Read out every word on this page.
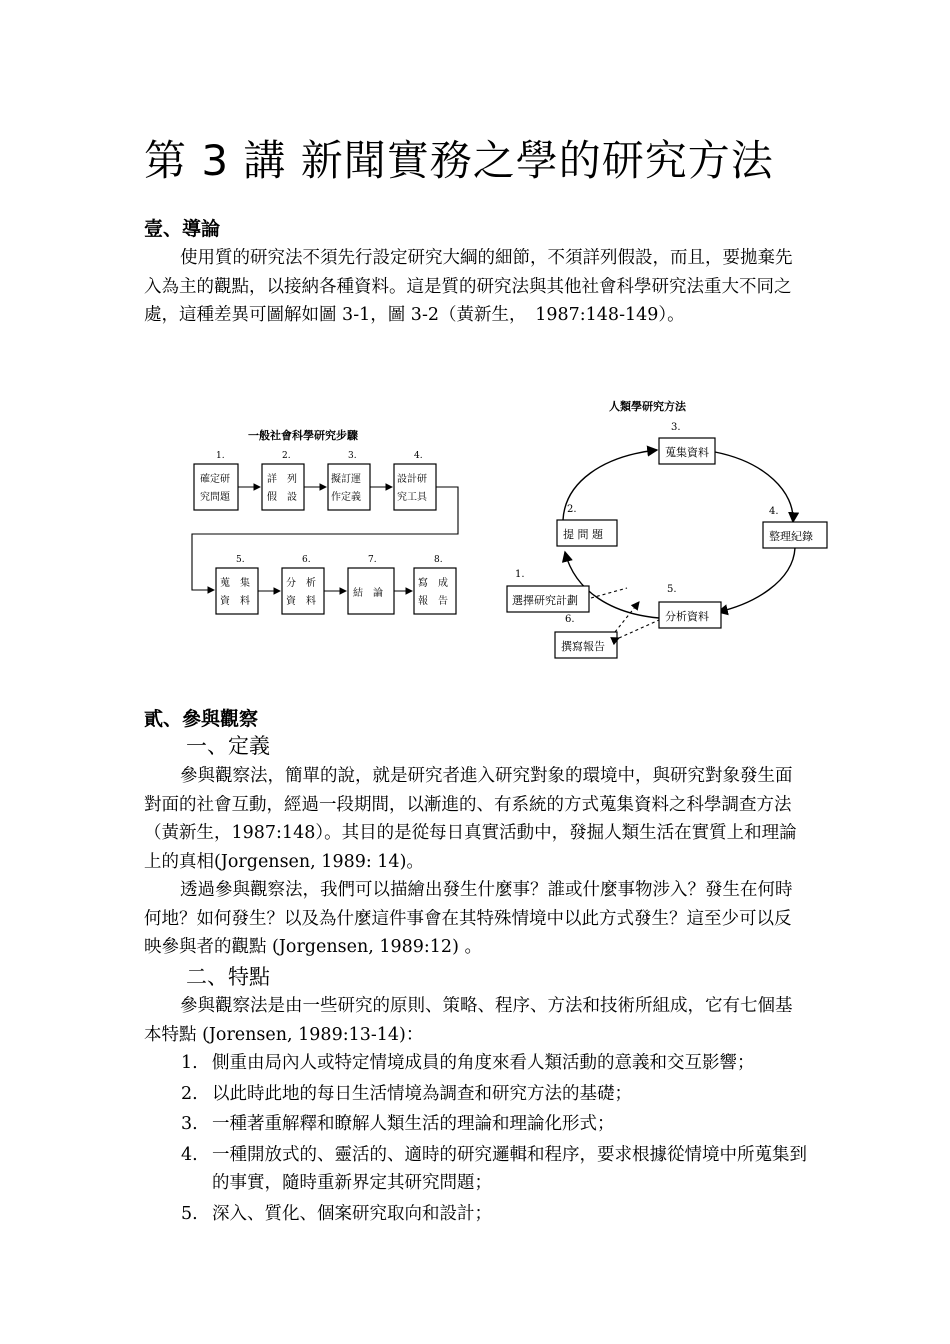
第 3 講 新聞實務之學的研究方法
壹、導論

使用質的研究法不須先行設定研究大綱的細節，不須詳列假設，而且，要拋棄先入為主的觀點，以接納各種資料。這是質的研究法與其他社會科學研究法重大不同之處，這種差異可圖解如圖 3-1，圖 3-2（黃新生，　1987:148-149）。

一般社會科學研究步驟
1.
確定研
究問題
2.
詳　列
假　設
3.
擬訂運
作定義
4.
設計研
究工具
5.
蒐　集
資　料
6.
分　析
資　料
7.
結　論
8.
寫　成
報　告
人類學研究方法
3.
蒐集資料
4.
整理紀錄
2.
提 問 題
5.
分析資料
1.
選擇研究計劃
6.
撰寫報告
貳、參與觀察
一、定義

參與觀察法，簡單的說，就是研究者進入研究對象的環境中，與研究對象發生面對面的社會互動，經過一段期間，以漸進的、有系統的方式蒐集資料之科學調查方法（黃新生，1987:148）。其目的是從每日真實活動中，發掘人類生活在實質上和理論上的真相(Jorgensen, 1989: 14)。

透過參與觀察法，我們可以描繪出發生什麼事？誰或什麼事物涉入？發生在何時何地？如何發生？以及為什麼這件事會在其特殊情境中以此方式發生？這至少可以反映參與者的觀點 (Jorgensen, 1989:12) 。

二、特點

參與觀察法是由一些研究的原則、策略、程序、方法和技術所組成，它有七個基本特點 (Jorensen, 1989:13-14)：

1. 側重由局內人或特定情境成員的角度來看人類活動的意義和交互影響；
2. 以此時此地的每日生活情境為調查和研究方法的基礎；
3. 一種著重解釋和瞭解人類生活的理論和理論化形式；
4. 一種開放式的、靈活的、適時的研究邏輯和程序，要求根據從情境中所蒐集到的事實，隨時重新界定其研究問題；
5. 深入、質化、個案研究取向和設計；
